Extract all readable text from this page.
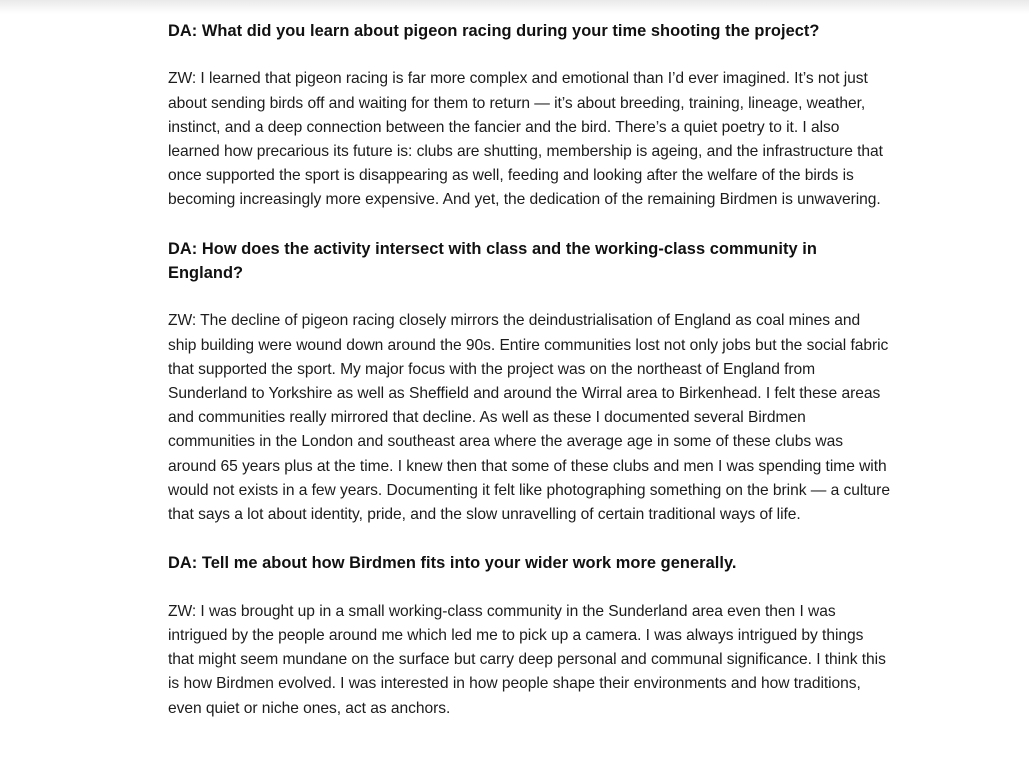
DA: What did you learn about pigeon racing during your time shooting the project?

ZW: I learned that pigeon racing is far more complex and emotional than I’d ever imagined. It’s not just about sending birds off and waiting for them to return — it’s about breeding, training, lineage, weather, instinct, and a deep connection between the fancier and the bird. There’s a quiet poetry to it. I also learned how precarious its future is: clubs are shutting, membership is ageing, and the infrastructure that once supported the sport is disappearing as well, feeding and looking after the welfare of the birds is becoming increasingly more expensive. And yet, the dedication of the remaining Birdmen is unwavering.

DA: How does the activity intersect with class and the working-class community in England?

ZW: The decline of pigeon racing closely mirrors the deindustrialisation of England as coal mines and ship building were wound down around the 90s. Entire communities lost not only jobs but the social fabric that supported the sport. My major focus with the project was on the northeast of England from Sunderland to Yorkshire as well as Sheffield and around the Wirral area to Birkenhead. I felt these areas and communities really mirrored that decline. As well as these I documented several Birdmen communities in the London and southeast area where the average age in some of these clubs was around 65 years plus at the time. I knew then that some of these clubs and men I was spending time with would not exists in a few years. Documenting it felt like photographing something on the brink — a culture that says a lot about identity, pride, and the slow unravelling of certain traditional ways of life.

DA: Tell me about how Birdmen fits into your wider work more generally.

ZW: I was brought up in a small working-class community in the Sunderland area even then I was intrigued by the people around me which led me to pick up a camera. I was always intrigued by things that might seem mundane on the surface but carry deep personal and communal significance. I think this is how Birdmen evolved. I was interested in how people shape their environments and how traditions, even quiet or niche ones, act as anchors.
